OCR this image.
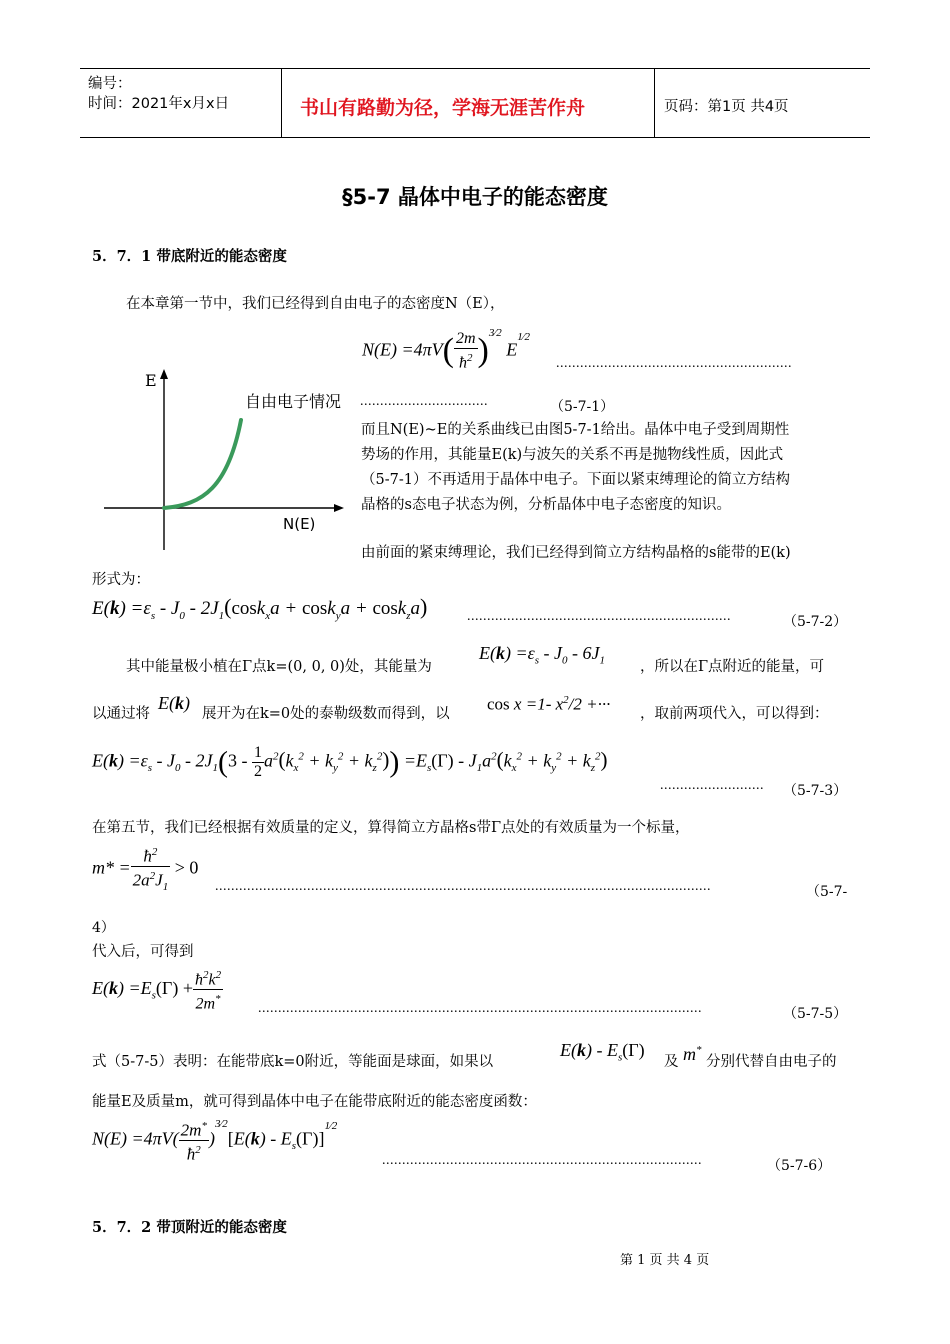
编号：
时间：2021年x月x日	书山有路勤为径，学海无涯苦作舟	页码：第1页 共4页
§5-7 晶体中电子的能态密度
5．7．1 带底附近的能态密度
在本章第一节中，我们已经得到自由电子的态密度N（E），
$N(E) =4\pi V( \frac{2m}{ħ^2} )^{3⁄2}$ $E^{1⁄2}$
...........................................................
................................	（5-7-1）
E
N(E)
自由电子情况
而且N(E)~E的关系曲线已由图5-7-1给出。晶体中电子受到周期性
势场的作用，其能量E(k)与波矢的关系不再是抛物线性质，因此式
（5-7-1）不再适用于晶体中电子。下面以紧束缚理论的简立方结构
晶格的s态电子状态为例，分析晶体中电子态密度的知识。
由前面的紧束缚理论，我们已经得到简立方结构晶格的s能带的E(k)
形式为：
$E(k) =\varepsilon_s - J_0 - 2J_1(\cos k_xa + \cos k_ya + \cos k_za)$	..................................................................	（5-7-2）
其中能量极小植在Γ点k=(0, 0, 0)处，其能量为
$E(k) =\varepsilon_s - J_0 - 6J_1$ ，所以在Γ点附近的能量，可
以通过将
E(k)
展开为在k=0处的泰勒级数而得到，以
cos x =1- $x^2/2$ +···
，取前两项代入，可以得到：
$E(k) =\varepsilon_s - J_0 - 2J_1(3 - \frac{1}{2} a^2(k_x^2 + k_y^2 + k_z^2)) =E_s(\Gamma) - J_1a^2(k_x^2 + k_y^2 + k_z^2)$
..........................	（5-7-3）
在第五节，我们已经根据有效质量的定义，算得简立方晶格s带Γ点处的有效质量为一个标量，
$m* = \frac{ħ^2}{2a^2J_1} > 0$
............................................................................................................................	（5-7-
4）
代入后，可得到
$E(k) =E_s(\Gamma) + \frac{ħ^2k^2}{2m^*}$ ...............................................................................................................	（5-7-5）
式（5-7-5）表明：在能带底k=0附近，等能面是球面，如果以
$E(k) - E_s(\Gamma)$
及 m*
分别代替自由电子的
能量E及质量m，就可得到晶体中电子在能带底附近的能态密度函数：
$N(E) =4\pi V( \frac{2m^*}{ħ^2} )^{3⁄2}[E(k) - E_s(\Gamma)]^{1⁄2}$
................................................................................	（5-7-6）
5．7．2 带顶附近的能态密度
第 1 页 共 4 页
